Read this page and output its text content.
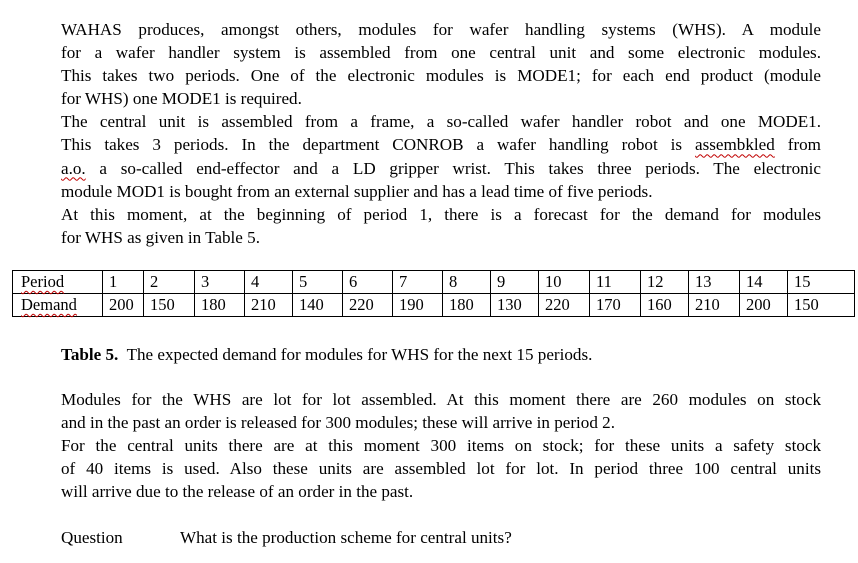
WAHAS produces, amongst others, modules for wafer handling systems (WHS). A module
for a wafer handler system is assembled from one central unit and some electronic modules.
This takes two periods. One of the electronic modules is MODE1; for each end product (module
for WHS) one MODE1 is required.
The central unit is assembled from a frame, a so-called wafer handler robot and one MODE1.
This takes 3 periods. In the department CONROB a wafer handling robot is assembkled from
a.o. a so-called end-effector and a LD gripper wrist. This takes three periods. The electronic
module MOD1 is bought from an external supplier and has a lead time of five periods.
At this moment, at the beginning of period 1, there is a forecast for the demand for modules
for WHS as given in Table 5.
Period	1	2	3	4	5	6	7	8	9	10	11	12	13	14	15
Demand	200	150	180	210	140	220	190	180	130	220	170	160	210	200	150
Table 5.  The expected demand for modules for WHS for the next 15 periods.
Modules for the WHS are lot for lot assembled. At this moment there are 260 modules on stock
and in the past an order is released for 300 modules; these will arrive in period 2.
For the central units there are at this moment 300 items on stock; for these units a safety stock
of 40 items is used. Also these units are assembled lot for lot. In period three 100 central units
will arrive due to the release of an order in the past.
Question	What is the production scheme for central units?
